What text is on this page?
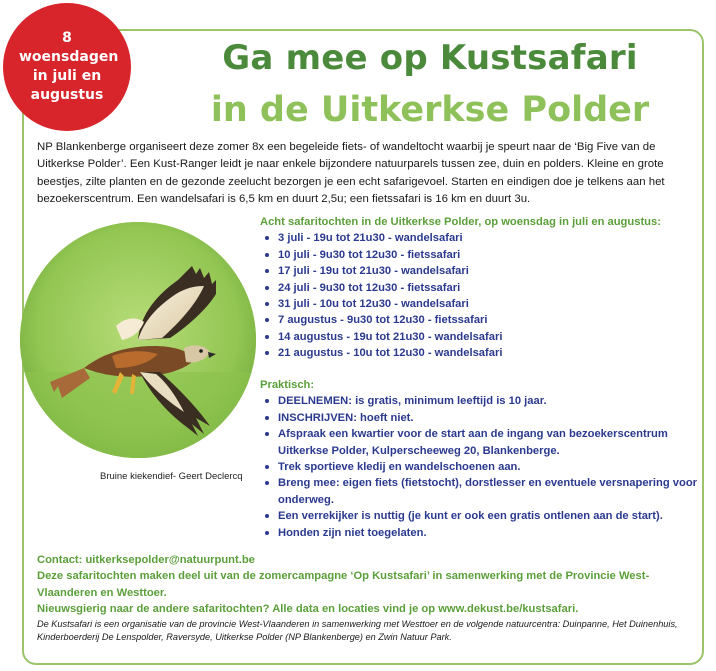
8
woensdagen
in juli en
augustus
Ga mee op Kustsafari
in de Uitkerkse Polder

NP Blankenberge organiseert deze zomer 8x een begeleide fiets- of wandeltocht waarbij je speurt naar de ‘Big Five van de Uitkerkse Polder’. Een Kust-Ranger leidt je naar enkele bijzondere natuurparels tussen zee, duin en polders. Kleine en grote beestjes, zilte planten en de gezonde zeelucht bezorgen je een echt safarigevoel. Starten en eindigen doe je telkens aan het bezoekerscentrum. Een wandelsafari is 6,5 km en duurt 2,5u; een fietssafari is 16 km en duurt 3u.

Bruine kiekendief- Geert Declercq
Acht safaritochten in de Uitkerkse Polder, op woensdag in juli en augustus:
3 juli - 19u tot 21u30 - wandelsafari
10 juli - 9u30 tot 12u30 - fietssafari
17 juli - 19u tot 21u30 - wandelsafari
24 juli - 9u30 tot 12u30 - fietssafari
31 juli - 10u tot 12u30 - wandelsafari
7 augustus - 9u30 tot 12u30 - fietssafari
14 augustus - 19u tot 21u30 - wandelsafari
21 augustus - 10u tot 12u30 - wandelsafari
Praktisch:
DEELNEMEN: is gratis, minimum leeftijd is 10 jaar.
INSCHRIJVEN: hoeft niet.
Afspraak een kwartier voor de start aan de ingang van bezoekerscentrum Uitkerkse Polder, Kulperscheeweg 20, Blankenberge.
Trek sportieve kledij en wandelschoenen aan.
Breng mee: eigen fiets (fietstocht), dorstlesser en eventuele versnapering voor onderweg.
Een verrekijker is nuttig (je kunt er ook een gratis ontlenen aan de start).
Honden zijn niet toegelaten.
Contact: uitkerksepolder@natuurpunt.be
Deze safaritochten maken deel uit van de zomercampagne ‘Op Kustsafari’ in samenwerking met de Provincie West-Vlaanderen en Westtoer.
Nieuwsgierig naar de andere safaritochten? Alle data en locaties vind je op www.dekust.be/kustsafari.
De Kustsafari is een organisatie van de provincie West-Vlaanderen in samenwerking met Westtoer en de volgende natuurcentra: Duinpanne, Het Duinenhuis, Kinderboerderij De Lenspolder, Raversyde, Uitkerkse Polder (NP Blankenberge) en Zwin Natuur Park.
